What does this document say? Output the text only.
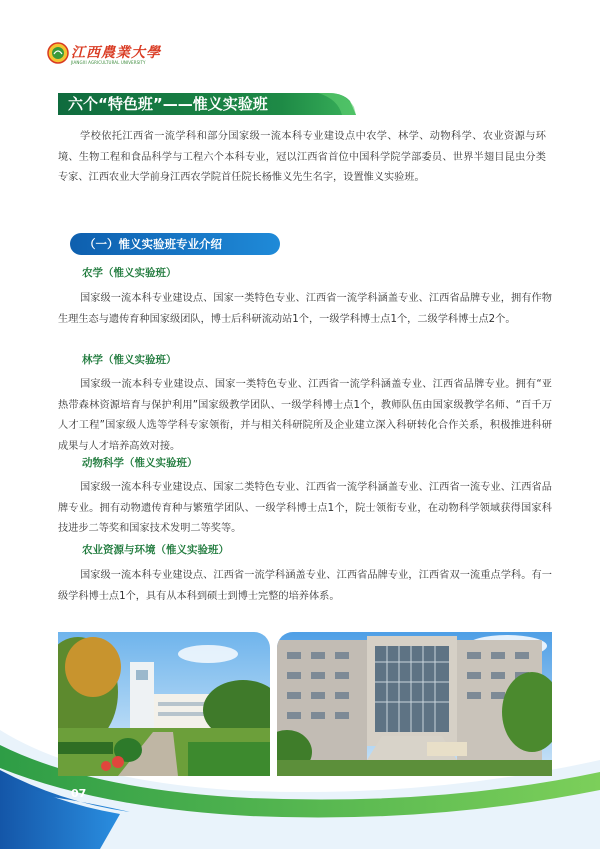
江西農業大學
JIANGXI AGRICULTURAL UNIVERSITY
六个“特色班”——惟义实验班

学校依托江西省一流学科和部分国家级一流本科专业建设点中农学、林学、动物科学、农业资源与环境、生物工程和食品科学与工程六个本科专业，冠以江西省首位中国科学院学部委员、世界半翅目昆虫分类专家、江西农业大学前身江西农学院首任院长杨惟义先生名字，设置惟义实验班。

（一）惟义实验班专业介绍
农学（惟义实验班）

国家级一流本科专业建设点、国家一类特色专业、江西省一流学科涵盖专业、江西省品牌专业，拥有作物生理生态与遗传育种国家级团队，博士后科研流动站1个，一级学科博士点1个，二级学科博士点2个。

林学（惟义实验班）

国家级一流本科专业建设点、国家一类特色专业、江西省一流学科涵盖专业、江西省品牌专业。拥有“亚热带森林资源培育与保护利用”国家级教学团队、一级学科博士点1个，教师队伍由国家级教学名师、“百千万人才工程”国家级人选等学科专家领衔，并与相关科研院所及企业建立深入科研转化合作关系，积极推进科研成果与人才培养高效对接。

动物科学（惟义实验班）

国家级一流本科专业建设点、国家二类特色专业、江西省一流学科涵盖专业、江西省一流专业、江西省品牌专业。拥有动物遗传育种与繁殖学团队、一级学科博士点1个，院士领衔专业，在动物科学领域获得国家科技进步二等奖和国家技术发明二等奖等。

农业资源与环境（惟义实验班）

国家级一流本科专业建设点、江西省一流学科涵盖专业、江西省品牌专业，江西省双一流重点学科。有一级学科博士点1个，具有从本科到硕士到博士完整的培养体系。

07
